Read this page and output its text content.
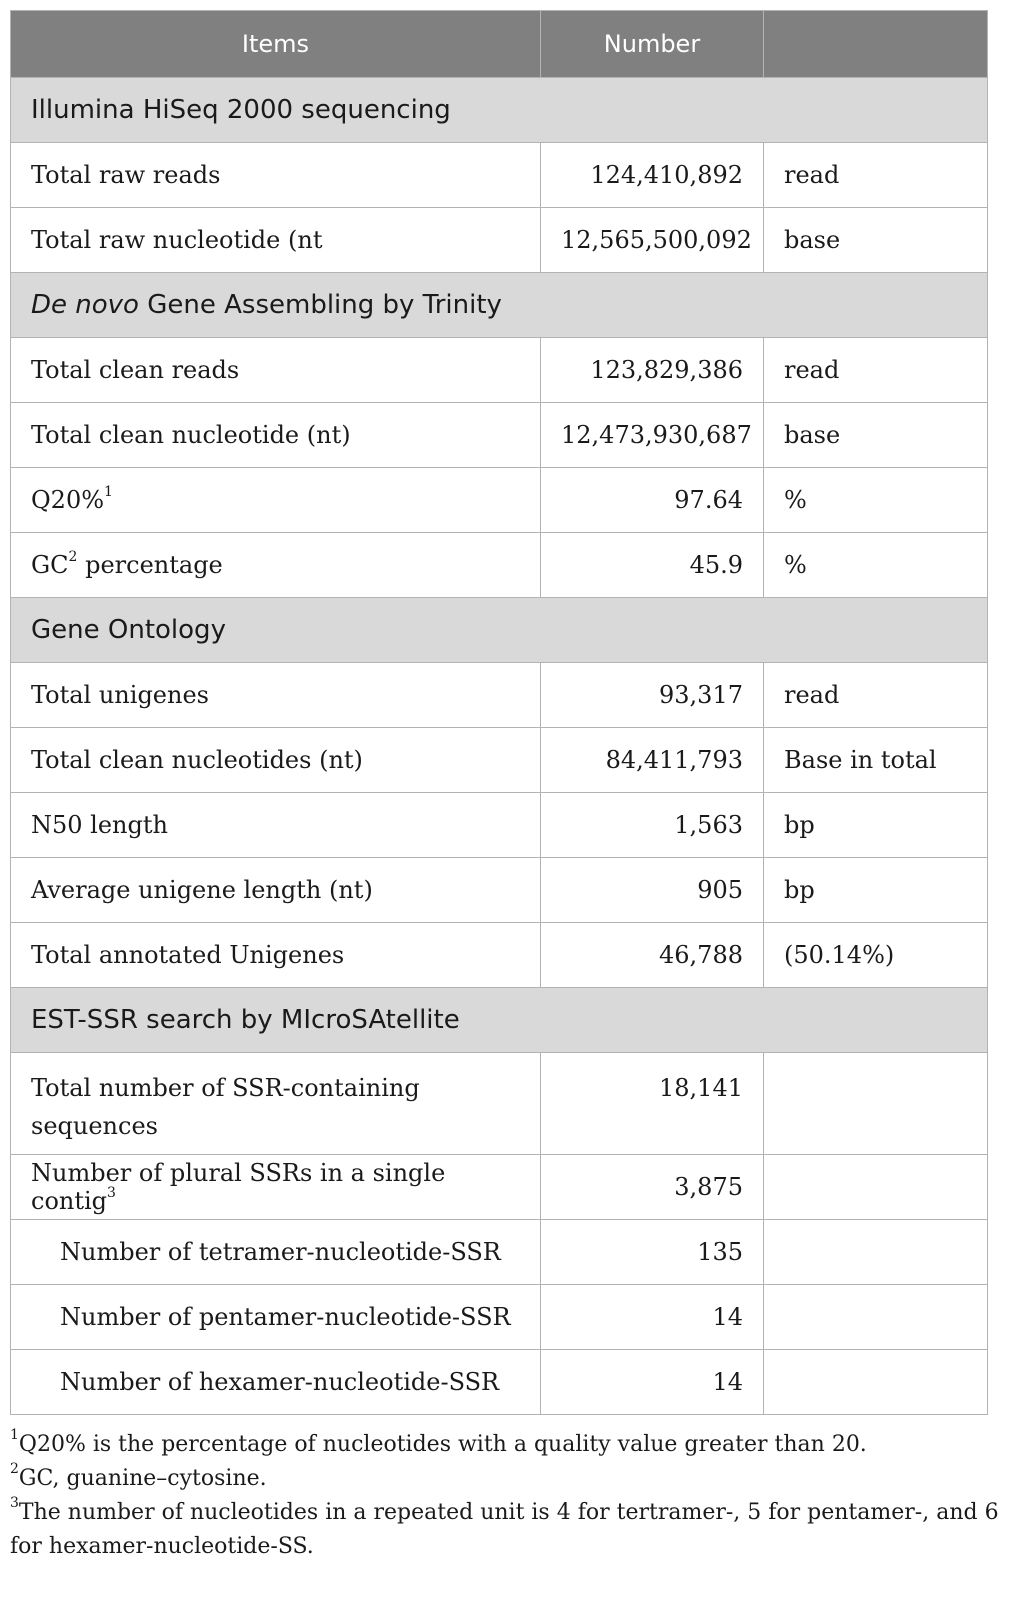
Items	Number	
Illumina HiSeq 2000 sequencing		
Total raw reads	124,410,892	read
Total raw nucleotide (nt	12,565,500,092	base
De novo Gene Assembling by Trinity		
Total clean reads	123,829,386	read
Total clean nucleotide (nt)	12,473,930,687	base
Q20%$^1$	97.64	%
$GC^2$ percentage	45.9	%
Gene Ontology		
Total unigenes	93,317	read
Total clean nucleotides (nt)	84,411,793	Base in total
N50 length	1,563	bp
Average unigene length (nt)	905	bp
Total annotated Unigenes	46,788	(50.14%)
EST-SSR search by MIcroSAtellite		
Total number of SSR-containing sequences	18,141	
Number of plural SSRs in a single contig$^3$	3,875	
Number of tetramer-nucleotide-SSR	135	
Number of pentamer-nucleotide-SSR	14	
Number of hexamer-nucleotide-SSR	14	

$^1$Q20% is the percentage of nucleotides with a quality value greater than 20.

$^2$GC, guanine–cytosine.

$^3$The number of nucleotides in a repeated unit is 4 for tertramer-, 5 for pentamer-, and 6 for hexamer-nucleotide-SS.
